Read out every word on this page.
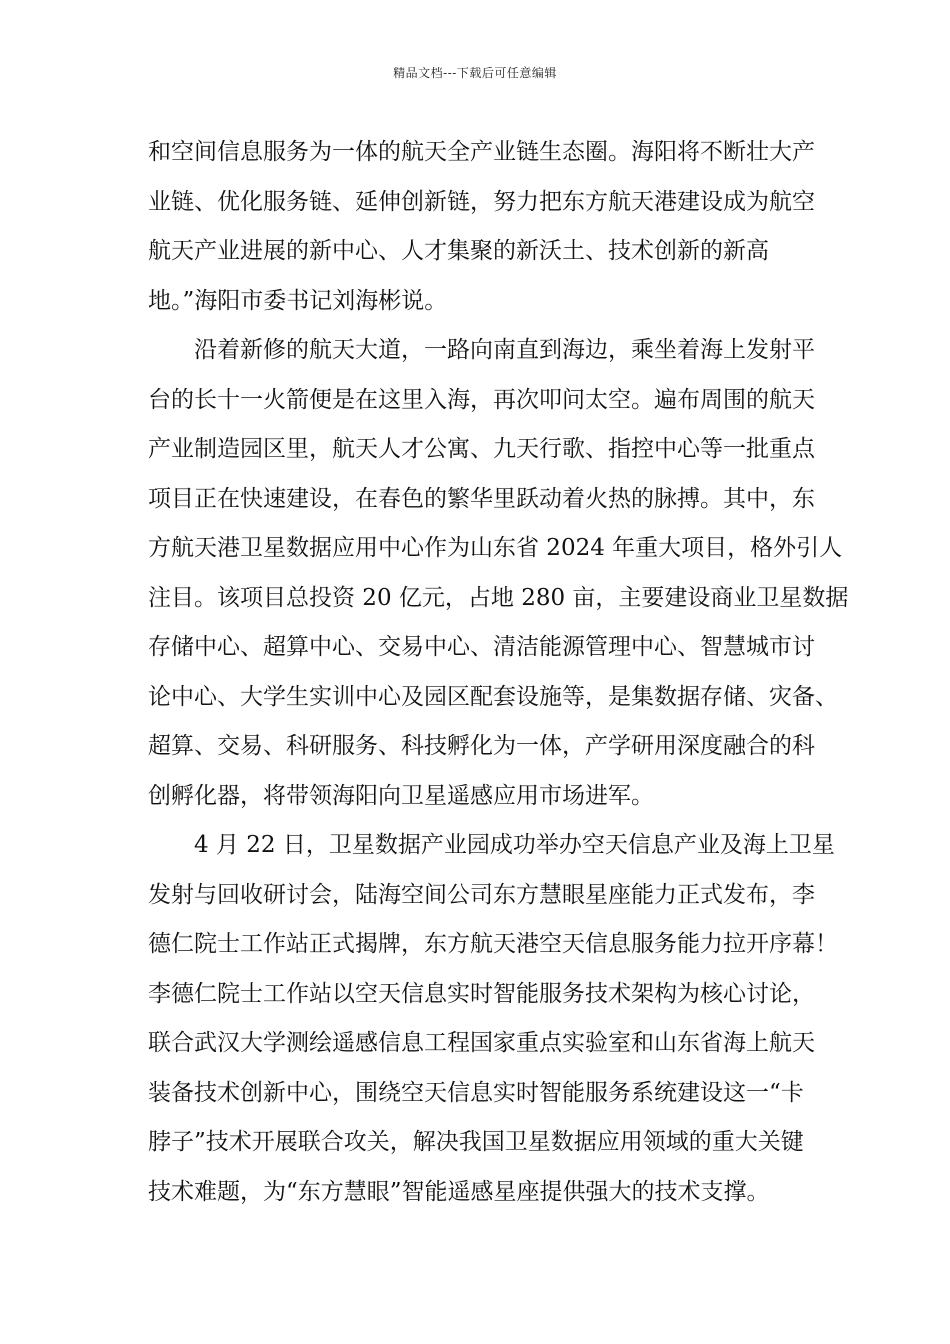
精品文档---下载后可任意编辑
和空间信息服务为一体的航天全产业链生态圈。海阳将不断壮大产
业链、优化服务链、延伸创新链，努力把东方航天港建设成为航空
航天产业进展的新中心、人才集聚的新沃土、技术创新的新高
地。”海阳市委书记刘海彬说。
沿着新修的航天大道，一路向南直到海边，乘坐着海上发射平
台的长十一火箭便是在这里入海，再次叩问太空。遍布周围的航天
产业制造园区里，航天人才公寓、九天行歌、指控中心等一批重点
项目正在快速建设，在春色的繁华里跃动着火热的脉搏。其中，东
方航天港卫星数据应用中心作为山东省 2024 年重大项目，格外引人
注目。该项目总投资 20 亿元，占地 280 亩，主要建设商业卫星数据
存储中心、超算中心、交易中心、清洁能源管理中心、智慧城市讨
论中心、大学生实训中心及园区配套设施等，是集数据存储、灾备、
超算、交易、科研服务、科技孵化为一体，产学研用深度融合的科
创孵化器，将带领海阳向卫星遥感应用市场进军。
4 月 22 日，卫星数据产业园成功举办空天信息产业及海上卫星
发射与回收研讨会，陆海空间公司东方慧眼星座能力正式发布，李
德仁院士工作站正式揭牌，东方航天港空天信息服务能力拉开序幕！
李德仁院士工作站以空天信息实时智能服务技术架构为核心讨论，
联合武汉大学测绘遥感信息工程国家重点实验室和山东省海上航天
装备技术创新中心，围绕空天信息实时智能服务系统建设这一“卡
脖子”技术开展联合攻关，解决我国卫星数据应用领域的重大关键
技术难题，为“东方慧眼”智能遥感星座提供强大的技术支撑。
